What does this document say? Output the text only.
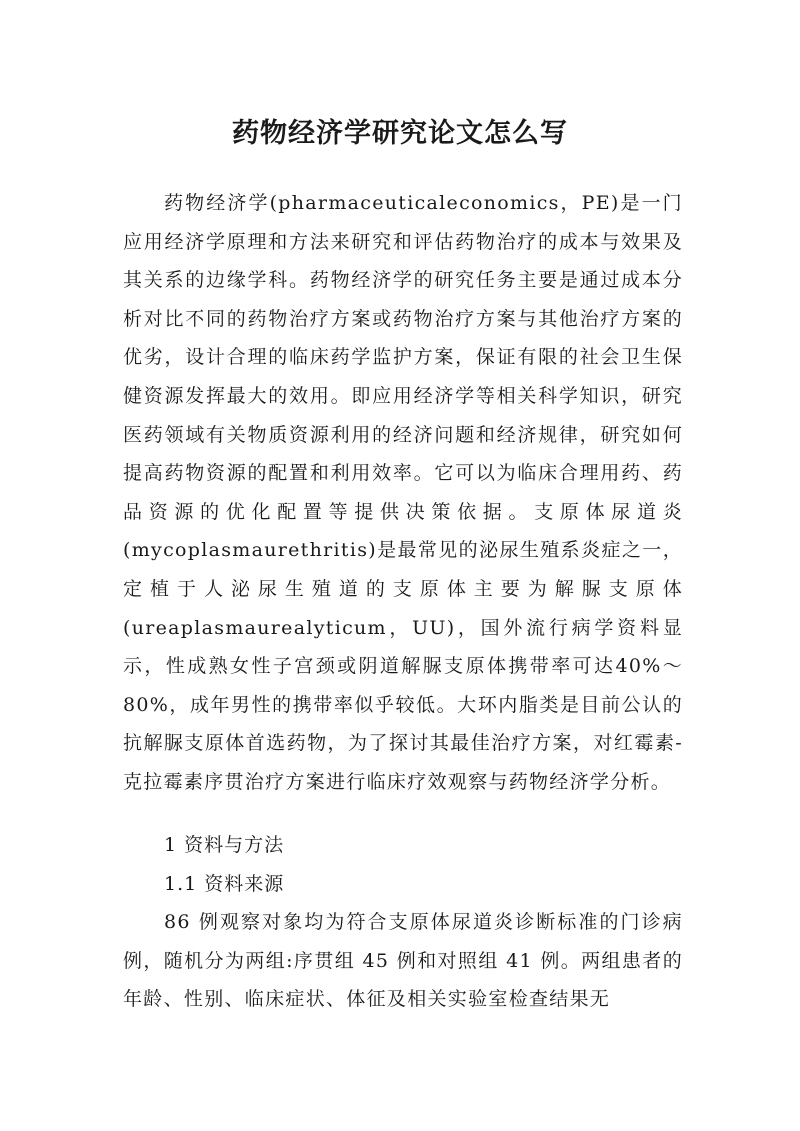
药物经济学研究论文怎么写

药物经济学(pharmaceuticaleconomics，PE)是一门应用经济学原理和方法来研究和评估药物治疗的成本与效果及其关系的边缘学科。药物经济学的研究任务主要是通过成本分析对比不同的药物治疗方案或药物治疗方案与其他治疗方案的优劣，设计合理的临床药学监护方案，保证有限的社会卫生保健资源发挥最大的效用。即应用经济学等相关科学知识，研究医药领域有关物质资源利用的经济问题和经济规律，研究如何提高药物资源的配置和利用效率。它可以为临床合理用药、药品资源的优化配置等提供决策依据。支原体尿道炎(mycoplasmaurethritis)是最常见的泌尿生殖系炎症之一，定植于人泌尿生殖道的支原体主要为解脲支原体(ureaplasmaurealyticum，UU)，国外流行病学资料显示，性成熟女性子宫颈或阴道解脲支原体携带率可达40%～80%，成年男性的携带率似乎较低。大环内脂类是目前公认的抗解脲支原体首选药物，为了探讨其最佳治疗方案，对红霉素-克拉霉素序贯治疗方案进行临床疗效观察与药物经济学分析。

1 资料与方法

1.1 资料来源

86 例观察对象均为符合支原体尿道炎诊断标准的门诊病例，随机分为两组:序贯组 45 例和对照组 41 例。两组患者的年龄、性别、临床症状、体征及相关实验室检查结果无
